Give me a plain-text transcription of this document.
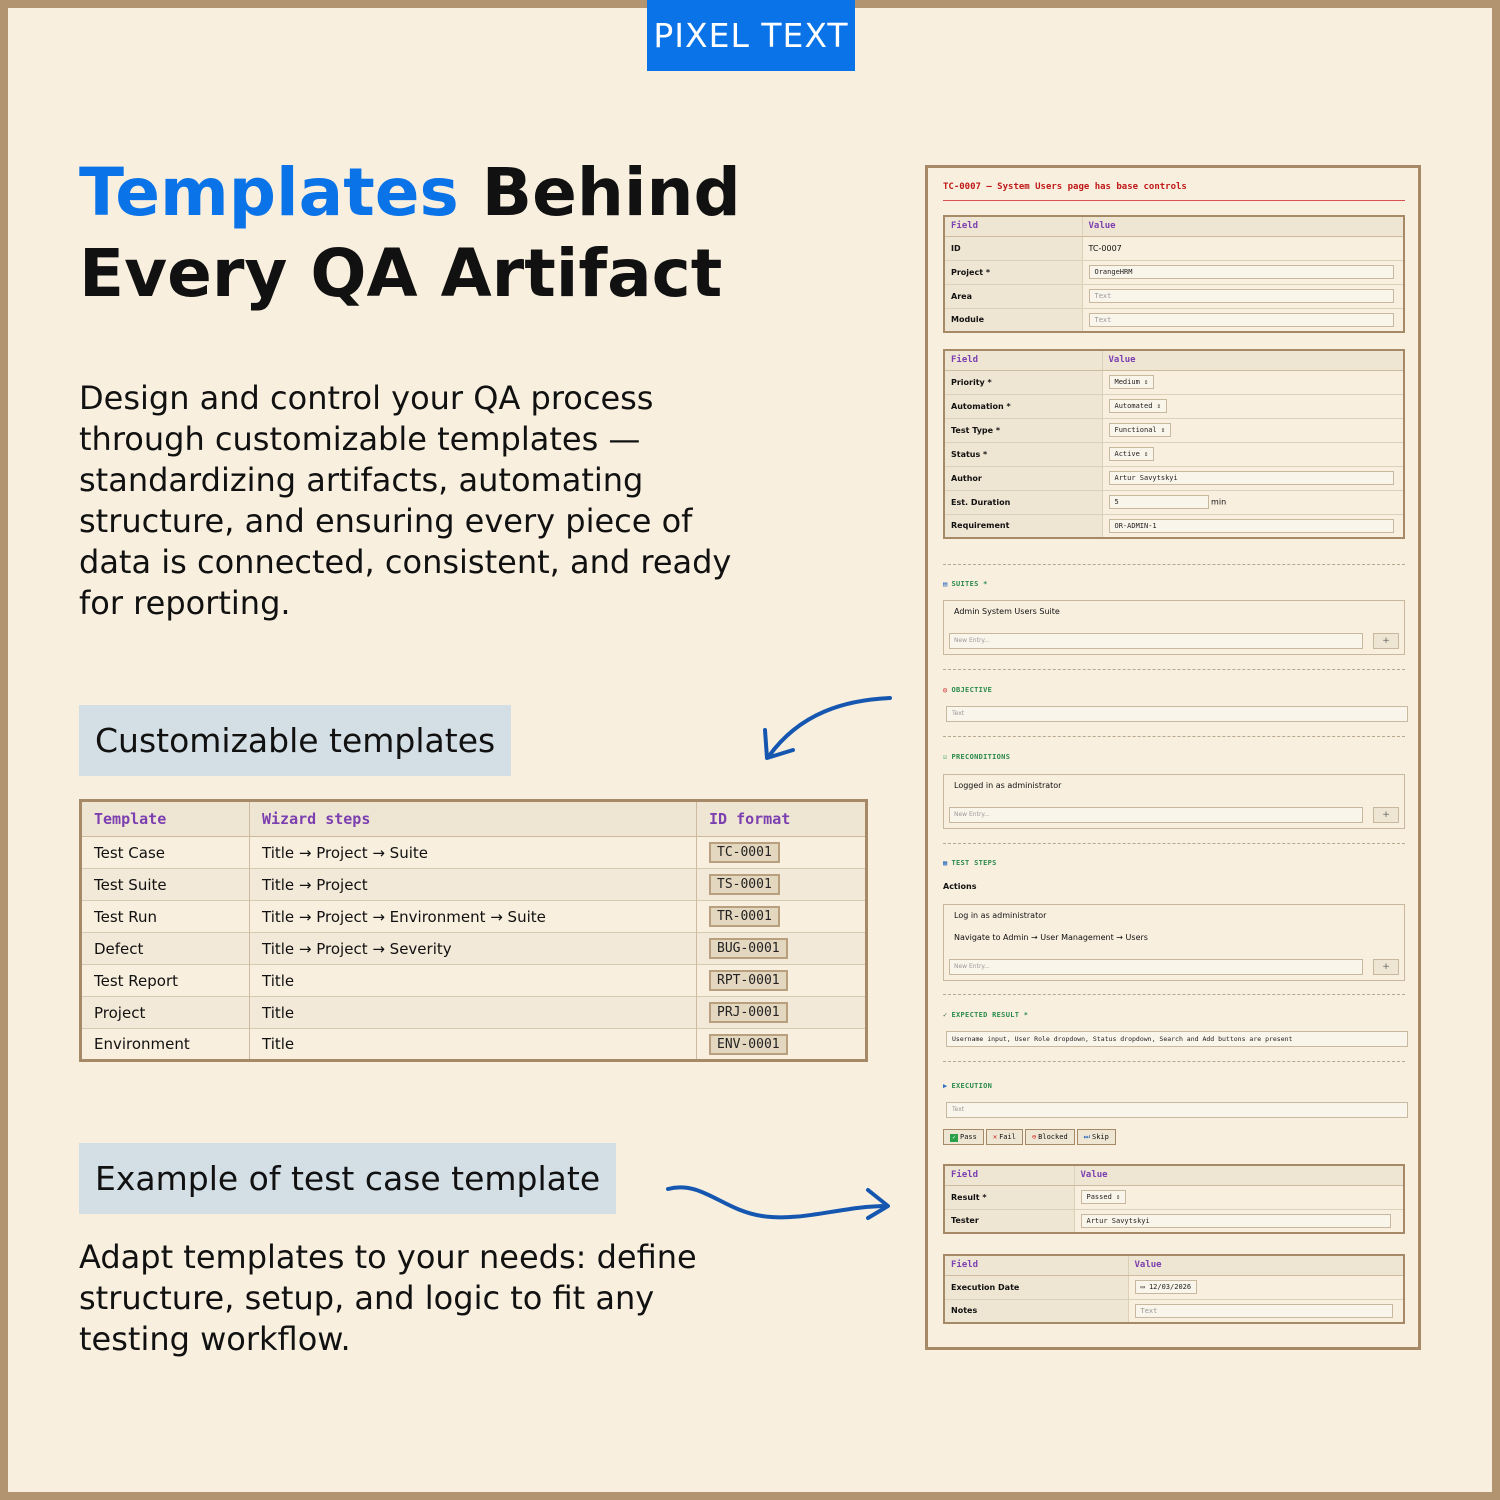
PIXEL TEXT
Templates Behind Every QA Artifact

Design and control your QA process through customizable templates — standardizing artifacts, automating structure, and ensuring every piece of data is connected, consistent, and ready for reporting.

Customizable templates
Template	Wizard steps	ID format
Test Case	Title → Project → Suite	TC-0001
Test Suite	Title → Project	TS-0001
Test Run	Title → Project → Environment → Suite	TR-0001
Defect	Title → Project → Severity	BUG-0001
Test Report	Title	RPT-0001
Project	Title	PRJ-0001
Environment	Title	ENV-0001
Example of test case template

Adapt templates to your needs: define structure, setup, and logic to fit any testing workflow.

TC-0007 — System Users page has base controls
Field	Value
ID	TC-0007
Project *	OrangeHRM
Area	Text
Module	Text
Field	Value
Priority *	Medium ⇕
Automation *	Automated ⇕
Test Type *	Functional ⇕
Status *	Active ⇕
Author	Artur Savytskyi
Est. Duration	5 min
Requirement	OR-ADMIN-1
▤ SUITES *
Admin System Users Suite
New Entry...	+
◎ OBJECTIVE
Text
☑ PRECONDITIONS
Logged in as administrator
New Entry...	+
▦ TEST STEPS
Actions
Log in as administrator
Navigate to Admin → User Management → Users
New Entry...	+
✓ EXPECTED RESULT *
Username input, User Role dropdown, Status dropdown, Search and Add buttons are present
▶ EXECUTION
Text
✓ Pass	✕ Fail	⊖ Blocked	⏭ Skip
Field	Value
Result *	Passed ⇕
Tester	Artur Savytskyi
Field	Value
Execution Date	▭ 12/03/2026
Notes	Text
